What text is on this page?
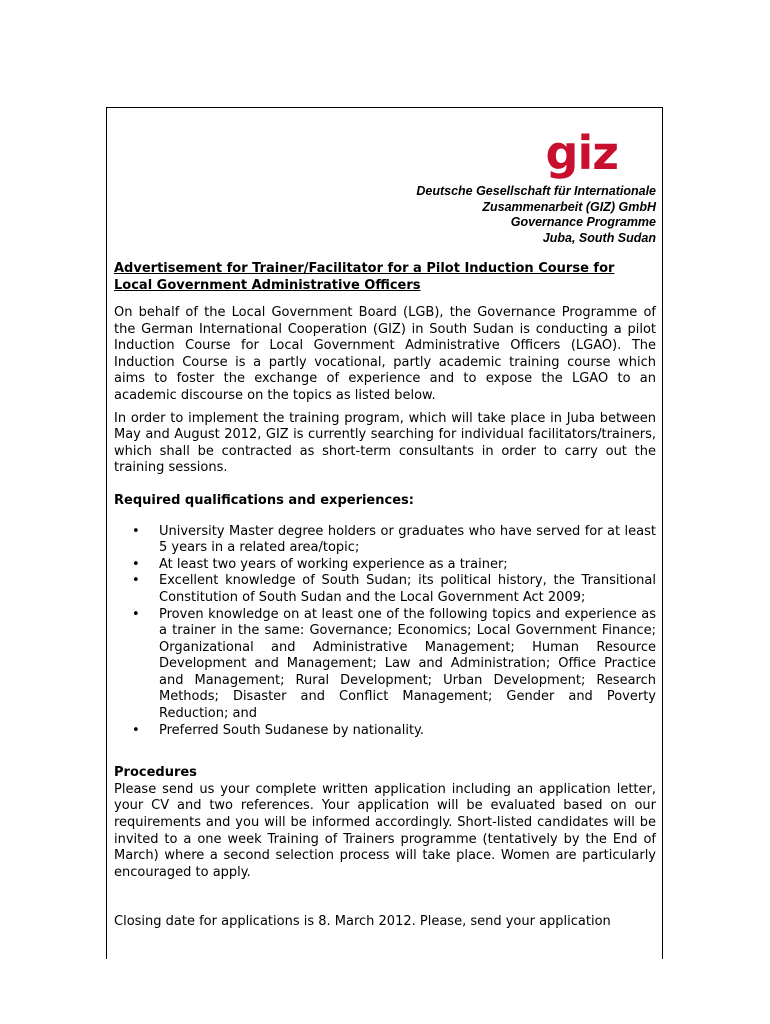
giz
Deutsche Gesellschaft für Internationale
Zusammenarbeit (GIZ) GmbH
Governance Programme
Juba, South Sudan
Advertisement for Trainer/Facilitator for a Pilot Induction Course for Local Government Administrative Officers

On behalf of the Local Government Board (LGB), the Governance Programme of the German International Cooperation (GIZ) in South Sudan is conducting a pilot Induction Course for Local Government Administrative Officers (LGAO). The Induction Course is a partly vocational, partly academic training course which aims to foster the exchange of experience and to expose the LGAO to an academic discourse on the topics as listed below.

In order to implement the training program, which will take place in Juba between May and August 2012, GIZ is currently searching for individual facilitators/trainers, which shall be contracted as short-term consultants in order to carry out the training sessions.

Required qualifications and experiences:

• University Master degree holders or graduates who have served for at least 5 years in a related area/topic;
• At least two years of working experience as a trainer;
• Excellent knowledge of South Sudan; its political history, the Transitional Constitution of South Sudan and the Local Government Act 2009;
• Proven knowledge on at least one of the following topics and experience as a trainer in the same: Governance; Economics; Local Government Finance; Organizational and Administrative Management; Human Resource Development and Management; Law and Administration; Office Practice and Management; Rural Development; Urban Development; Research Methods; Disaster and Conflict Management; Gender and Poverty Reduction; and
• Preferred South Sudanese by nationality.

Procedures

Please send us your complete written application including an application letter, your CV and two references. Your application will be evaluated based on our requirements and you will be informed accordingly. Short-listed candidates will be invited to a one week Training of Trainers programme (tentatively by the End of March) where a second selection process will take place. Women are particularly encouraged to apply.

Closing date for applications is 8. March 2012. Please, send your application
